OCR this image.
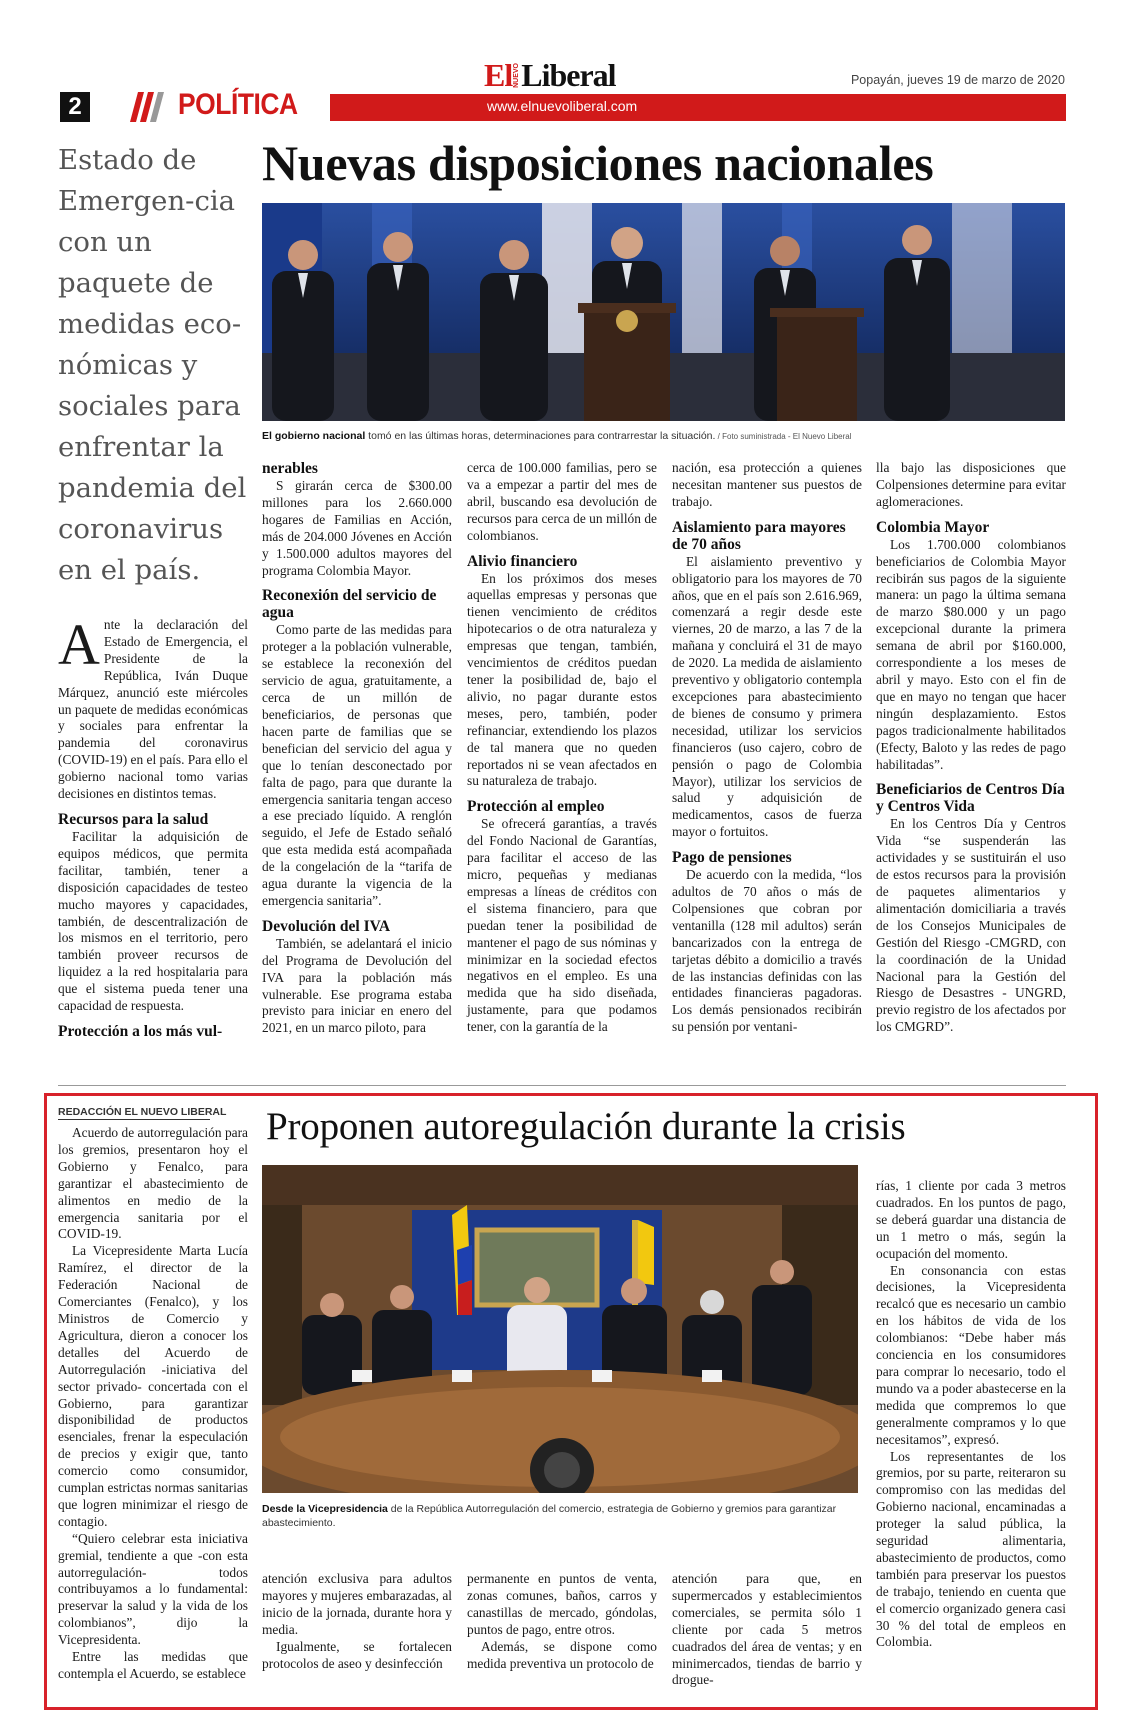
2	POLÍTICA	www.elnuevoliberal.com
El NUEVO Liberal	Popayán, jueves 19 de marzo de 2020
Estado de Emergen-cia con un paquete de medidas eco-nómicas y sociales para enfrentar la pandemia del coronavirus en el país.
Nuevas disposiciones nacionales
El gobierno nacional tomó en las últimas horas, determinaciones para contrarrestar la situación. / Foto suministrada - El Nuevo Liberal

Ante la declaración del Estado de Emergencia, el Presidente de la República, Iván Duque Márquez, anunció este miércoles un paquete de medidas económicas y sociales para enfrentar la pandemia del coronavirus (COVID-19) en el país. Para ello el gobierno nacional tomo varias decisiones en distintos temas.

Recursos para la salud

Facilitar la adquisición de equipos médicos, que permita facilitar, también, tener a disposición capacidades de testeo mucho mayores y capacidades, también, de descentralización de los mismos en el territorio, pero también proveer recursos de liquidez a la red hospitalaria para que el sistema pueda tener una capacidad de respuesta.

Protección a los más vul-
nerables

S girarán cerca de $300.00 millones para los 2.660.000 hogares de Familias en Acción, más de 204.000 Jóvenes en Acción y 1.500.000 adultos mayores del programa Colombia Mayor.

Reconexión del servicio de agua

Como parte de las medidas para proteger a la población vulnerable, se establece la reconexión del servicio de agua, gratuitamente, a cerca de un millón de beneficiarios, de personas que hacen parte de familias que se benefician del servicio del agua y que lo tenían desconectado por falta de pago, para que durante la emergencia sanitaria tengan acceso a ese preciado líquido. A renglón seguido, el Jefe de Estado señaló que esta medida está acompañada de la congelación de la “tarifa de agua durante la vigencia de la emergencia sanitaria”.

Devolución del IVA

También, se adelantará el inicio del Programa de Devolución del IVA para la población más vulnerable. Ese programa estaba previsto para iniciar en enero del 2021, en un marco piloto, para

cerca de 100.000 familias, pero se va a empezar a partir del mes de abril, buscando esa devolución de recursos para cerca de un millón de colombianos.

Alivio financiero

En los próximos dos meses aquellas empresas y personas que tienen vencimiento de créditos hipotecarios o de otra naturaleza y empresas que tengan, también, vencimientos de créditos puedan tener la posibilidad de, bajo el alivio, no pagar durante estos meses, pero, también, poder refinanciar, extendiendo los plazos de tal manera que no queden reportados ni se vean afectados en su naturaleza de trabajo.

Protección al empleo

Se ofrecerá garantías, a través del Fondo Nacional de Garantías, para facilitar el acceso de las micro, pequeñas y medianas empresas a líneas de créditos con el sistema financiero, para que puedan tener la posibilidad de mantener el pago de sus nóminas y minimizar en la sociedad efectos negativos en el empleo. Es una medida que ha sido diseñada, justamente, para que podamos tener, con la garantía de la

nación, esa protección a quienes necesitan mantener sus puestos de trabajo.

Aislamiento para mayores de 70 años

El aislamiento preventivo y obligatorio para los mayores de 70 años, que en el país son 2.616.969, comenzará a regir desde este viernes, 20 de marzo, a las 7 de la mañana y concluirá el 31 de mayo de 2020. La medida de aislamiento preventivo y obligatorio contempla excepciones para abastecimiento de bienes de consumo y primera necesidad, utilizar los servicios financieros (uso cajero, cobro de pensión o pago de Colombia Mayor), utilizar los servicios de salud y adquisición de medicamentos, casos de fuerza mayor o fortuitos.

Pago de pensiones

De acuerdo con la medida, “los adultos de 70 años o más de Colpensiones que cobran por ventanilla (128 mil adultos) serán bancarizados con la entrega de tarjetas débito a domicilio a través de las instancias definidas con las entidades financieras pagadoras. Los demás pensionados recibirán su pensión por ventani-

lla bajo las disposiciones que Colpensiones determine para evitar aglomeraciones.

Colombia Mayor

Los 1.700.000 colombianos beneficiarios de Colombia Mayor recibirán sus pagos de la siguiente manera: un pago la última semana de marzo $80.000 y un pago excepcional durante la primera semana de abril por $160.000, correspondiente a los meses de abril y mayo. Esto con el fin de que en mayo no tengan que hacer ningún desplazamiento. Estos pagos tradicionalmente habilitados (Efecty, Baloto y las redes de pago habilitadas”.

Beneficiarios de Centros Día y Centros Vida

En los Centros Día y Centros Vida “se suspenderán las actividades y se sustituirán el uso de estos recursos para la provisión de paquetes alimentarios y alimentación domiciliaria a través de los Consejos Municipales de Gestión del Riesgo -CMGRD, con la coordinación de la Unidad Nacional para la Gestión del Riesgo de Desastres - UNGRD, previo registro de los afectados por los CMGRD”.

REDACCIÓN EL NUEVO LIBERAL Proponen autoregulación durante la crisis
Desde la Vicepresidencia de la República Autorregulación del comercio, estrategia de Gobierno y gremios para garantizar abastecimiento.

Acuerdo de autorregulación para los gremios, presentaron hoy el Gobierno y Fenalco, para garantizar el abastecimiento de alimentos en medio de la emergencia sanitaria por el COVID-19.

La Vicepresidente Marta Lucía Ramírez, el director de la Federación Nacional de Comerciantes (Fenalco), y los Ministros de Comercio y Agricultura, dieron a conocer los detalles del Acuerdo de Autorregulación -iniciativa del sector privado- concertada con el Gobierno, para garantizar disponibilidad de productos esenciales, frenar la especulación de precios y exigir que, tanto comercio como consumidor, cumplan estrictas normas sanitarias que logren minimizar el riesgo de contagio.

“Quiero celebrar esta iniciativa gremial, tendiente a que -con esta autorregulación- todos contribuyamos a lo fundamental: preservar la salud y la vida de los colombianos”, dijo la Vicepresidenta.

Entre las medidas que contempla el Acuerdo, se establece

atención exclusiva para adultos mayores y mujeres embarazadas, al inicio de la jornada, durante hora y media.

Igualmente, se fortalecen protocolos de aseo y desinfección

permanente en puntos de venta, zonas comunes, baños, carros y canastillas de mercado, góndolas, puntos de pago, entre otros.

Además, se dispone como medida preventiva un protocolo de

atención para que, en supermercados y establecimientos comerciales, se permita sólo 1 cliente por cada 5 metros cuadrados del área de ventas; y en minimercados, tiendas de barrio y drogue-

rías, 1 cliente por cada 3 metros cuadrados. En los puntos de pago, se deberá guardar una distancia de un 1 metro o más, según la ocupación del momento.

En consonancia con estas decisiones, la Vicepresidenta recalcó que es necesario un cambio en los hábitos de vida de los colombianos: “Debe haber más conciencia en los consumidores para comprar lo necesario, todo el mundo va a poder abastecerse en la medida que compremos lo que generalmente compramos y lo que necesitamos”, expresó.

Los representantes de los gremios, por su parte, reiteraron su compromiso con las medidas del Gobierno nacional, encaminadas a proteger la salud pública, la seguridad alimentaria, abastecimiento de productos, como también para preservar los puestos de trabajo, teniendo en cuenta que el comercio organizado genera casi 30 % del total de empleos en Colombia.
